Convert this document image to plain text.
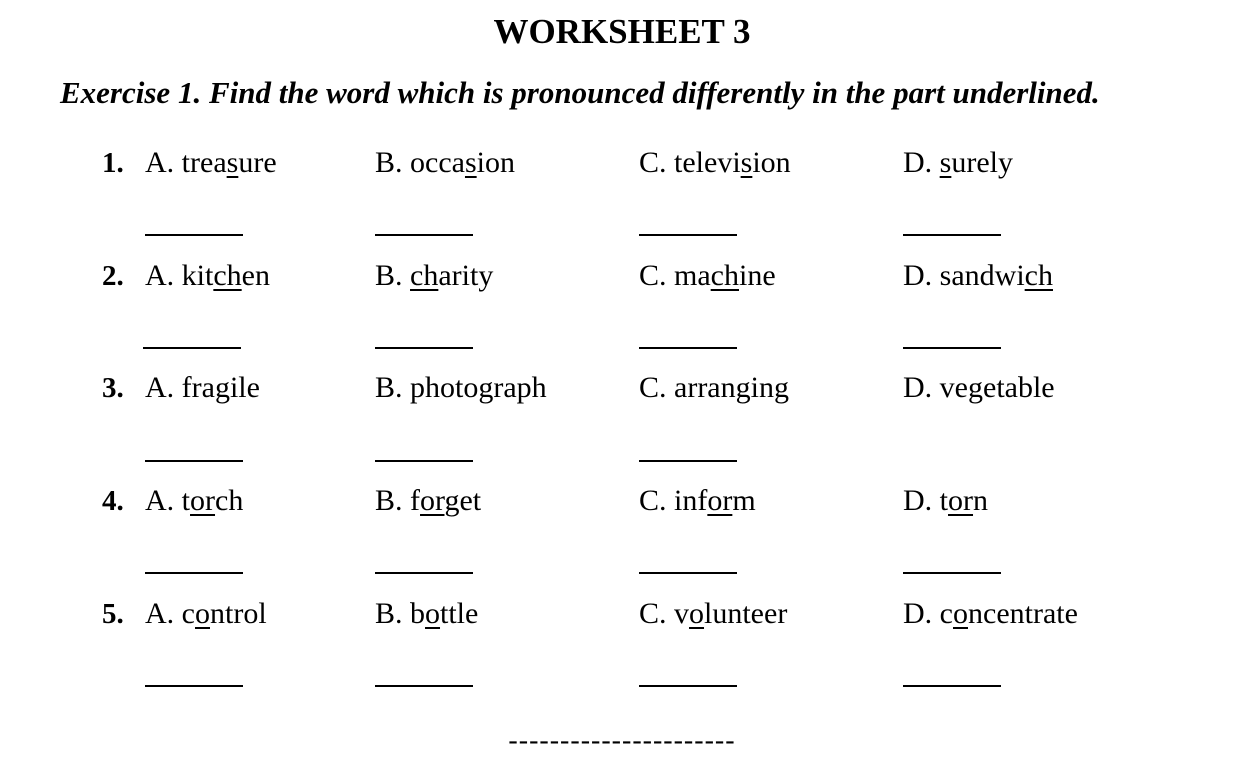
WORKSHEET 3
Exercise 1. Find the word which is pronounced differently in the part underlined.
1. A. treasure	B. occasion	C. television	D. surely
2. A. kitchen	B. charity	C. machine	D. sandwich
3. A. fragile	B. photograph	C. arranging	D. vegetable
4. A. torch	B. forget	C. inform	D. torn
5. A. control	B. bottle	C. volunteer	D. concentrate
----------------------
